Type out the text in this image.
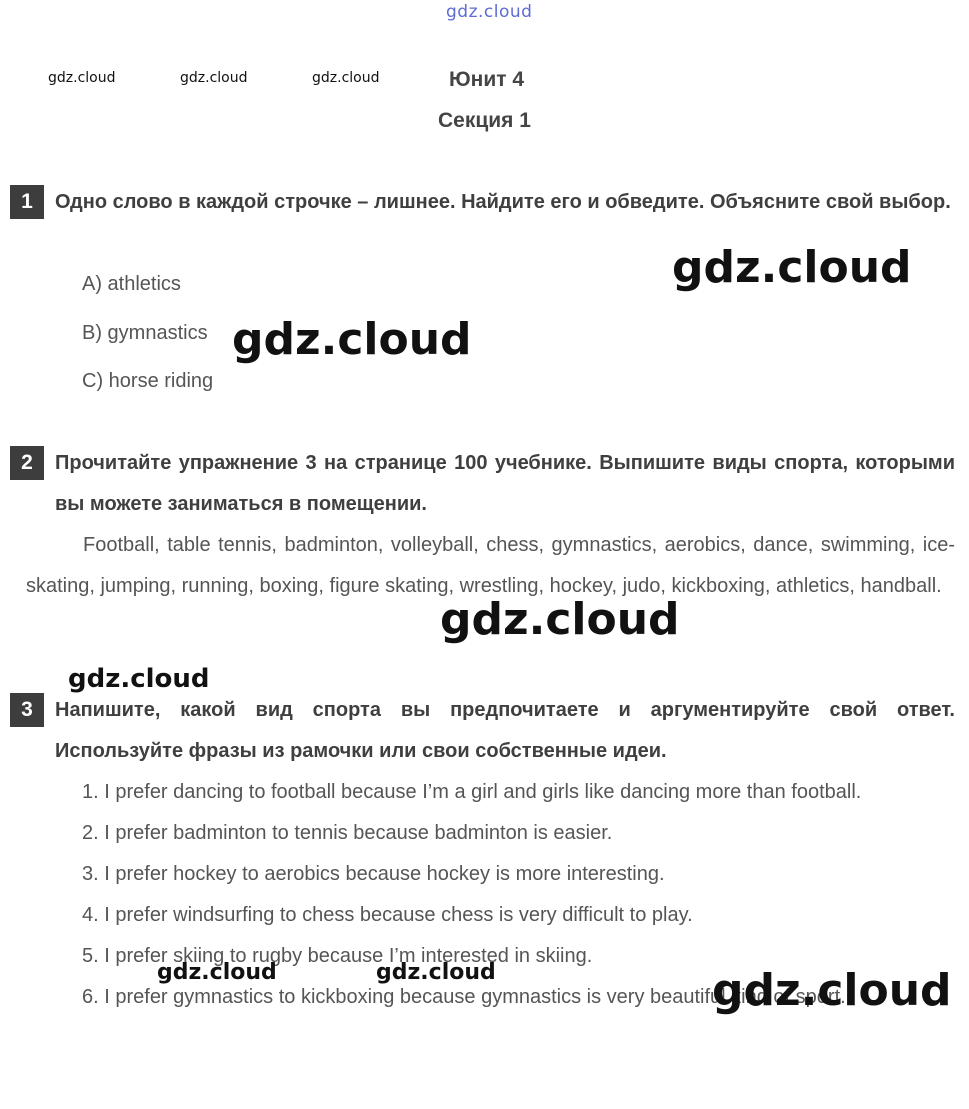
gdz.cloud
gdz.cloud	gdz.cloud	gdz.cloud	Юнит 4
Секция 1
1	Одно слово в каждой строчке – лишнее. Найдите его и обведите. Объясните свой выбор.
A) athletics
B) gymnastics
C) horse riding
2	Прочитайте упражнение 3 на странице 100 учебнике. Выпишите виды спорта, которыми вы можете заниматься в помещении.
Football, table tennis, badminton, volleyball, chess, gymnastics, aerobics, dance, swimming, ice-skating, jumping, running, boxing, figure skating, wrestling, hockey, judo, kickboxing, athletics, handball.
3	Напишите, какой вид спорта вы предпочитаете и аргументируйте свой ответ. Используйте фразы из рамочки или свои собственные идеи.
1. I prefer dancing to football because I’m a girl and girls like dancing more than football.
2. I prefer badminton to tennis because badminton is easier.
3. I prefer hockey to aerobics because hockey is more interesting.
4. I prefer windsurfing to chess because chess is very difficult to play.
5. I prefer skiing to rugby because I’m interested in skiing.
6. I prefer gymnastics to kickboxing because gymnastics is very beautiful kind of sport.
gdz.cloud
gdz.cloud
gdz.cloud
gdz.cloud
gdz.cloud	gdz.cloud	gdz.cloud
